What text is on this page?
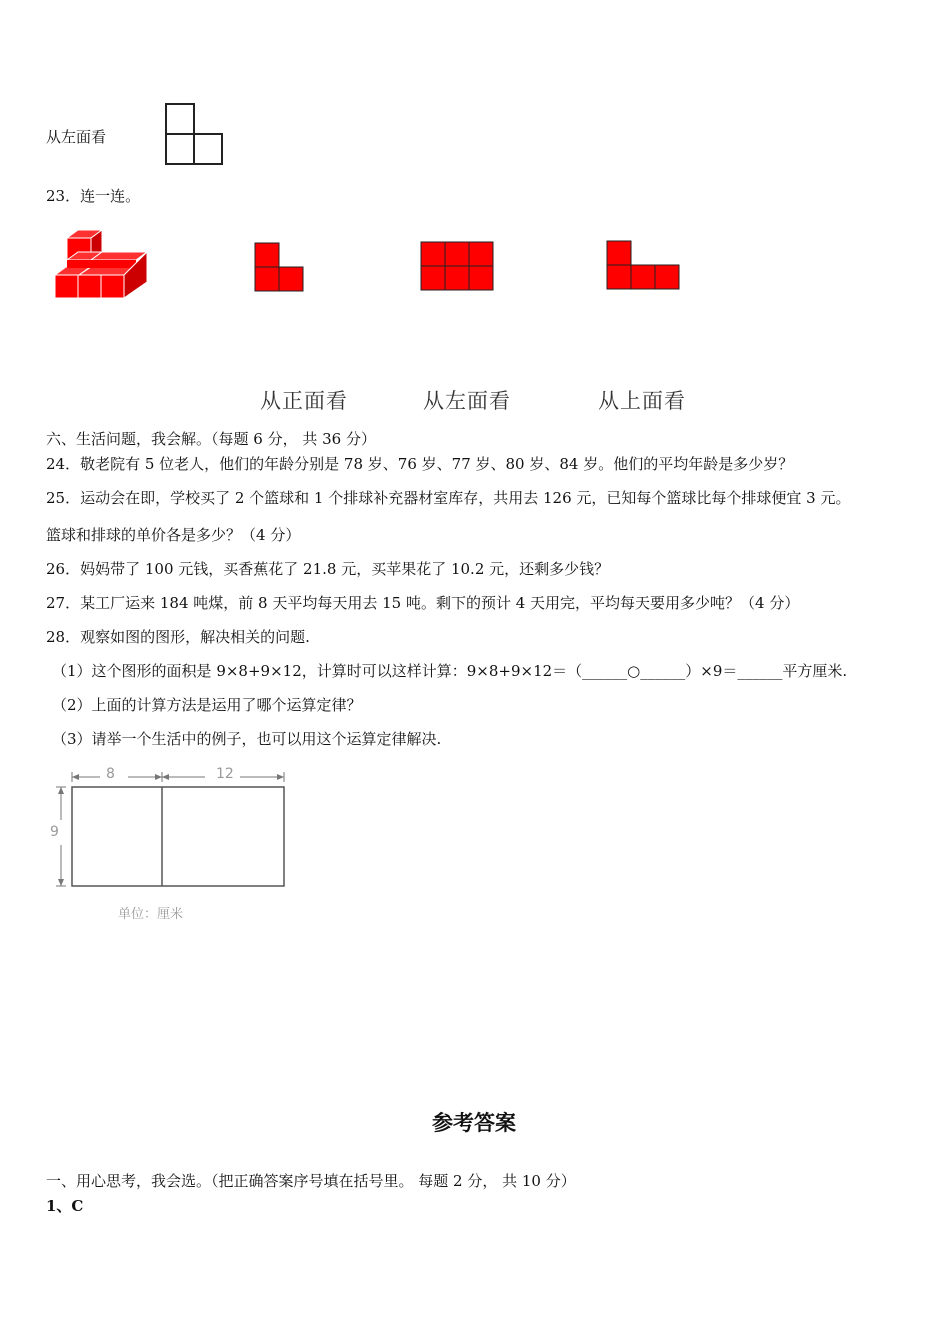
从左面看
23．连一连。
从正面看	从左面看	从上面看
六、生活问题，我会解。（每题 6 分， 共 36 分）
24．敬老院有 5 位老人，他们的年龄分别是 78 岁、76 岁、77 岁、80 岁、84 岁。他们的平均年龄是多少岁？
25．运动会在即，学校买了 2 个篮球和 1 个排球补充器材室库存，共用去 126 元，已知每个篮球比每个排球便宜 3 元。
篮球和排球的单价各是多少？（4 分）
26．妈妈带了 100 元钱，买香蕉花了 21.8 元，买苹果花了 10.2 元，还剩多少钱？
27．某工厂运来 184 吨煤，前 8 天平均每天用去 15 吨。剩下的预计 4 天用完，平均每天要用多少吨？（4 分）
28．观察如图的图形，解决相关的问题.
（1）这个图形的面积是 9×8+9×12，计算时可以这样计算：9×8+9×12＝（______○______）×9＝______平方厘米.
（2）上面的计算方法是运用了哪个运算定律？
（3）请举一个生活中的例子，也可以用这个运算定律解决.
8	12
9
单位：厘米
参考答案
一、用心思考，我会选。（把正确答案序号填在括号里。 每题 2 分， 共 10 分）
1、C
